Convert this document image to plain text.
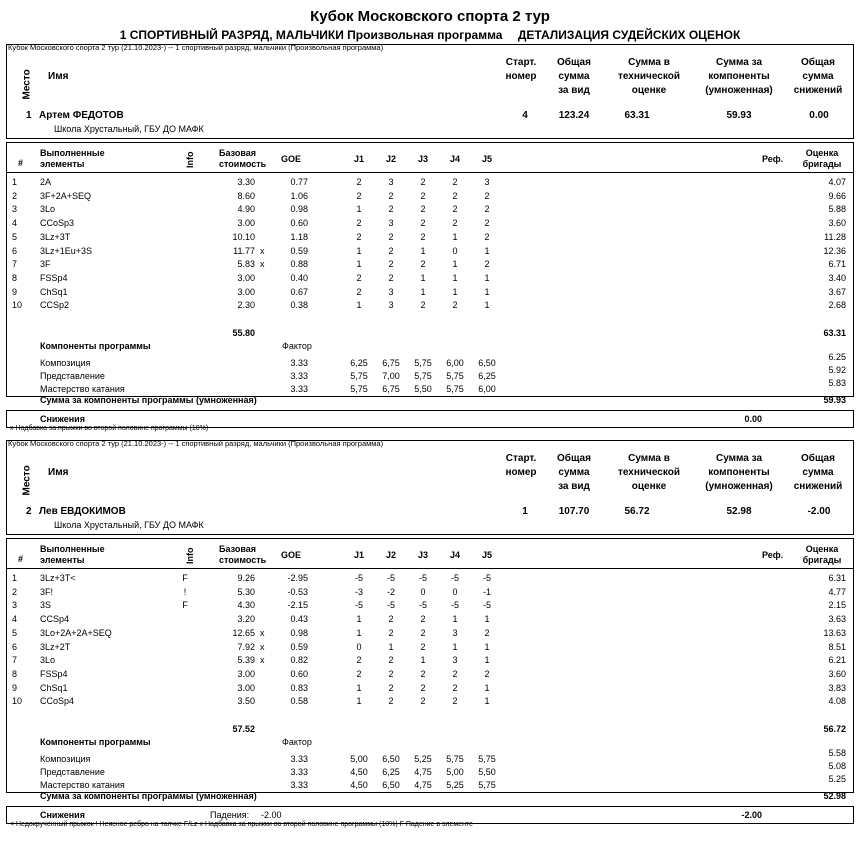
Кубок Московского спорта 2 тур
1 СПОРТИВНЫЙ РАЗРЯД, МАЛЬЧИКИ Произвольная программа ДЕТАЛИЗАЦИЯ СУДЕЙСКИХ ОЦЕНОК
Кубок Московского спорта 2 тур (21.10.2023-) -- 1 спортивный разряд, мальчики (Произвольная программа)
Место Имя
Старт.
номер
Общая
сумма
за вид
Сумма в
технической
оценке
Сумма за
компоненты
(умноженная)
Общая
сумма
снижений
1 Артем ФЕДОТОВ
Школа Хрустальный, ГБУ ДО МАФК
4	123.24	63.31	59.93	0.00
#
Выполненные
элементы	Info	Базовая
стоимость GOE	J1	J2	J3	J4	J5	Реф.
Оценка
бригады
1	2A	3.30	0.77	2	3	2	2	3	4.07
2	3F+2A+SEQ	8.60	1.06	2	2	2	2	2	9.66
3	3Lo	4.90	0.98	1	2	2	2	2	5.88
4	CCoSp3	3.00	0.60	2	3	2	2	2	3.60
5	3Lz+3T	10.10	1.18	2	2	2	1	2	11.28
6	3Lz+1Eu+3S	11.77 x	0.59	1	2	1	0	1	12.36
7	3F	5.83 x	0.88	1	2	2	1	2	6.71
8	FSSp4	3.00	0.40	2	2	1	1	1	3.40
9	ChSq1	3.00	0.67	2	3	1	1	1	3.67
10 CCSp2	2.30	0.38	1	3	2	2	1	2.68
55.80	63.31
Компоненты программы	Фактор
Композиция	3.33	6,25	6,75	5,75	6,00	6,50
6.25
Представление	3.33	5,75	7,00	5,75	5,75	6,25
5.92
Мастерство катания	3.33	5,75	6,75	5,50	5,75	6,00
5.83
Сумма за компоненты программы (умноженная)	59.93
Снижения	0.00
Кубок Московского спорта 2 тур (21.10.2023-) -- 1 спортивный разряд, мальчики (Произвольная программа)
Место Имя
Старт.
номер
Общая
сумма
за вид
Сумма в
технической
оценке
Сумма за
компоненты
(умноженная)
Общая
сумма
снижений
2 Лев ЕВДОКИМОВ
Школа Хрустальный, ГБУ ДО МАФК
1	107.70	56.72	52.98	-2.00
#
Выполненные
элементы	Info	Базовая
стоимость GOE	J1	J2	J3	J4	J5	Реф.
Оценка
бригады
1	3Lz+3T<	F	9.26	-2.95	-5	-5	-5	-5	-5	6.31
2	3F!	!	5.30	-0.53	-3	-2	0	0	-1	4.77
3	3S	F	4.30	-2.15	-5	-5	-5	-5	-5	2.15
4	CCSp4	3.20	0.43	1	2	2	1	1	3.63
5	3Lo+2A+2A+SEQ	12.65 x	0.98	1	2	2	3	2	13.63
6	3Lz+2T	7.92 x	0.59	0	1	2	1	1	8.51
7	3Lo	5.39 x	0.82	2	2	1	3	1	6.21
8	FSSp4	3.00	0.60	2	2	2	2	2	3.60
9	ChSq1	3.00	0.83	1	2	2	2	1	3.83
10 CCoSp4	3.50	0.58	1	2	2	2	1	4.08
57.52	56.72
Компоненты программы	Фактор
Композиция	3.33	5,00	6,50	5,25	5,75	5,75
5.58
Представление	3.33	4,50	6,25	4,75	5,00	5,50
5.08
Мастерство катания	3.33	4,50	6,50	4,75	5,25	5,75
5.25
Сумма за компоненты программы (умноженная)	52.98
Снижения	Падения: -2.00	-2.00
x Надбавка за прыжки во второй половине программы (10%)
< Недокрученный прыжок ! Неясное ребро на толчке F/Lz x Надбавка за прыжки во второй половине программы (10%) F Падение в элементе
